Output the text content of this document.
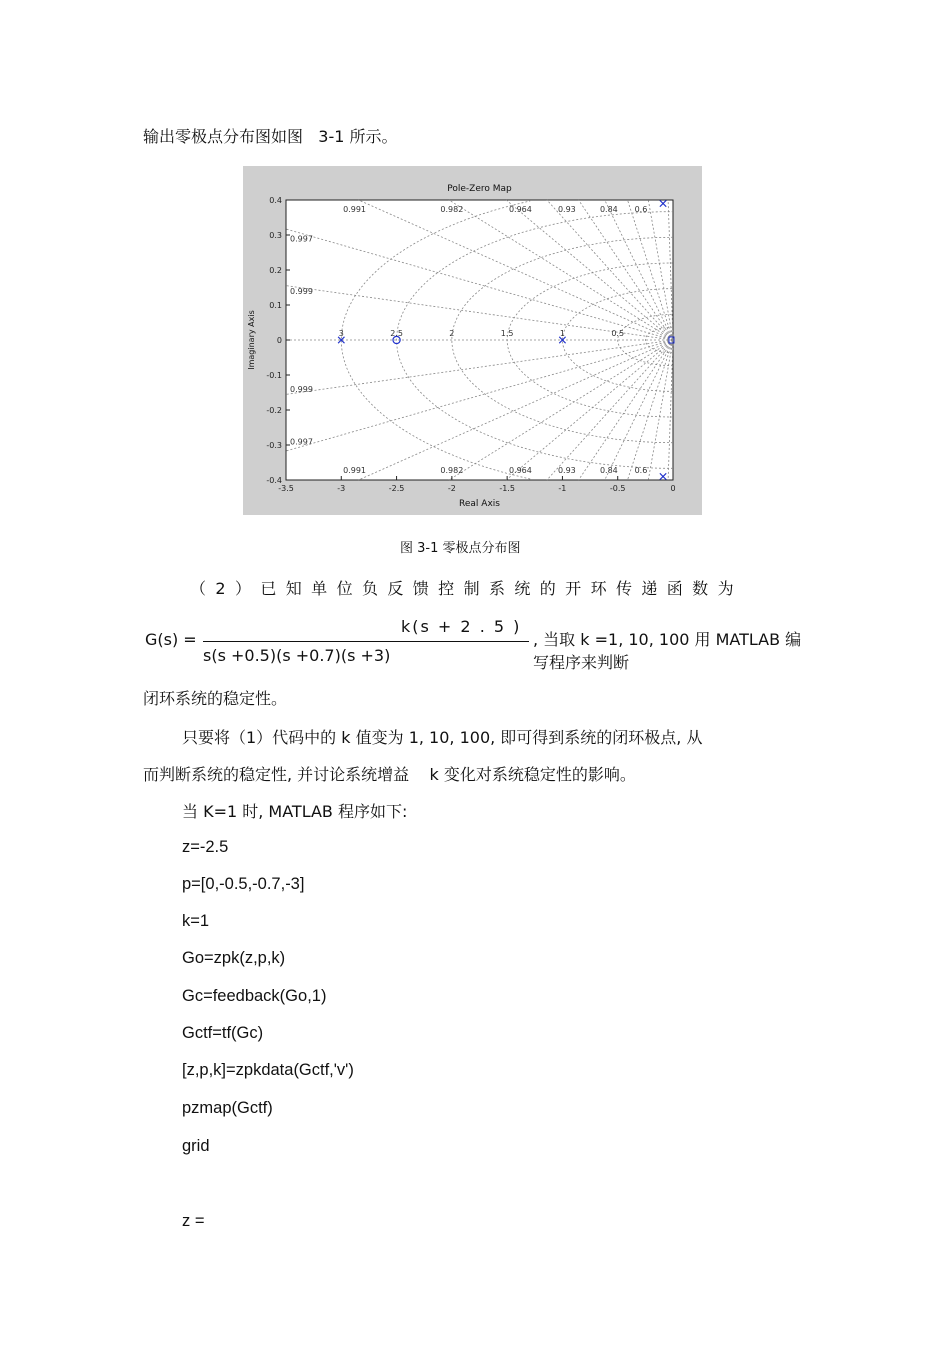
输出零极点分布图如图   3-1 所示。
-3.5	-3	-2.5	-2	-1.5	-1	-0.5	0
0.4
0.3
0.2
0.1
0
-0.1
-0.2
-0.3
-0.4
0.991
0.991
0.982
0.982
0.964
0.964
0.93
0.93
0.84
0.84
0.6
0.6
0.997
0.999
0.999
0.997
3	2.5	2	1.5	1	0.5
Pole-Zero Map
Real Axis
Imaginary Axis
图 3-1 零极点分布图
（2）已知单位负反馈控制系统的开环传递函数为
G(s) =
k(s + 2 . 5 )
s(s +0.5)(s +0.7)(s +3)
, 当取 k =1, 10, 100 用 MATLAB 编写程序来判断
闭环系统的稳定性。
只要将（1）代码中的 k 值变为 1, 10, 100, 即可得到系统的闭环极点, 从
而判断系统的稳定性, 并讨论系统增益    k 变化对系统稳定性的影响。
当 K=1 时, MATLAB 程序如下:
z=-2.5
p=[0,-0.5,-0.7,-3]
k=1
Go=zpk(z,p,k)
Gc=feedback(Go,1)
Gctf=tf(Gc)
[z,p,k]=zpkdata(Gctf,'v')
pzmap(Gctf)
grid
z =
